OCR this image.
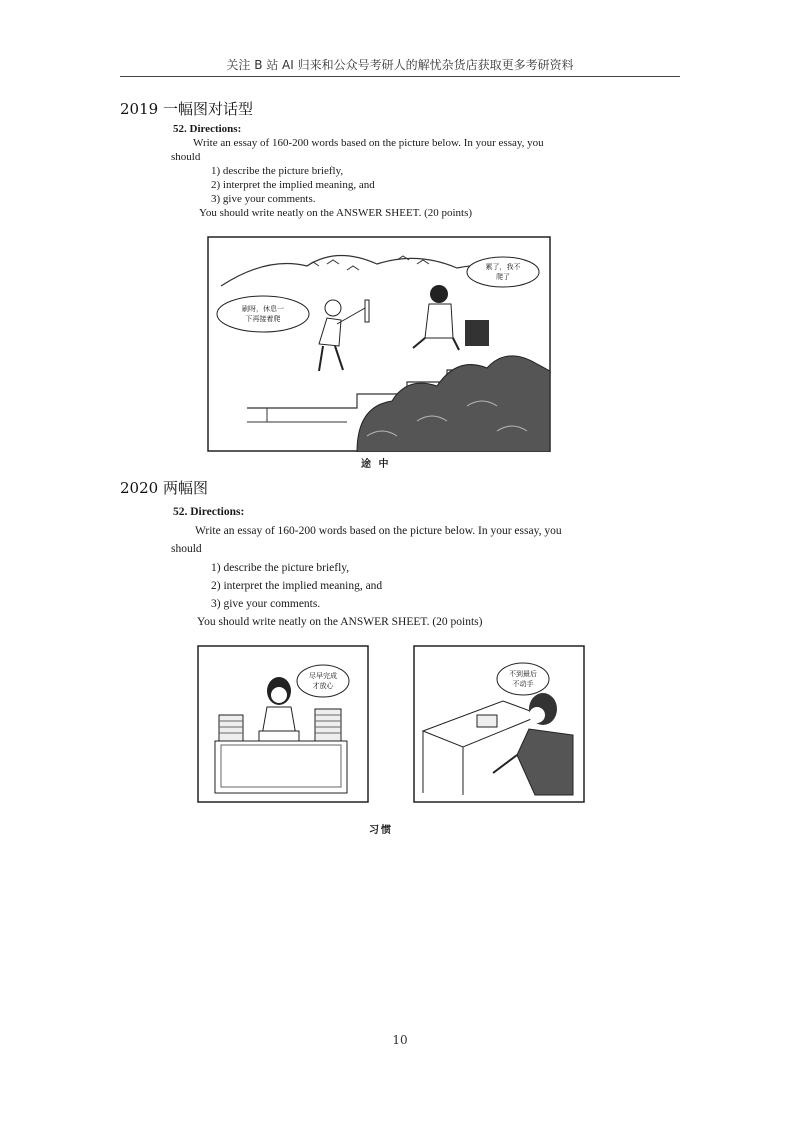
关注 B 站 AI 归来和公众号考研人的解忧杂货店获取更多考研资料
2019 一幅图对话型
52. Directions:
Write an essay of 160-200 words based on the picture below. In your essay, you
should
1) describe the picture briefly,
2) interpret the implied meaning, and
3) give your comments.
You should write neatly on the ANSWER SHEET. (20 points)
刷呀，休息一
下再接着爬
累了，我不
爬了
途 中
2020 两幅图
52. Directions:
Write an essay of 160-200 words based on the picture below. In your essay, you
should
1) describe the picture briefly,
2) interpret the implied meaning, and
3) give your comments.
You should write neatly on the ANSWER SHEET. (20 points)
尽早完成
才放心
不到最后
不动手
习惯
10
